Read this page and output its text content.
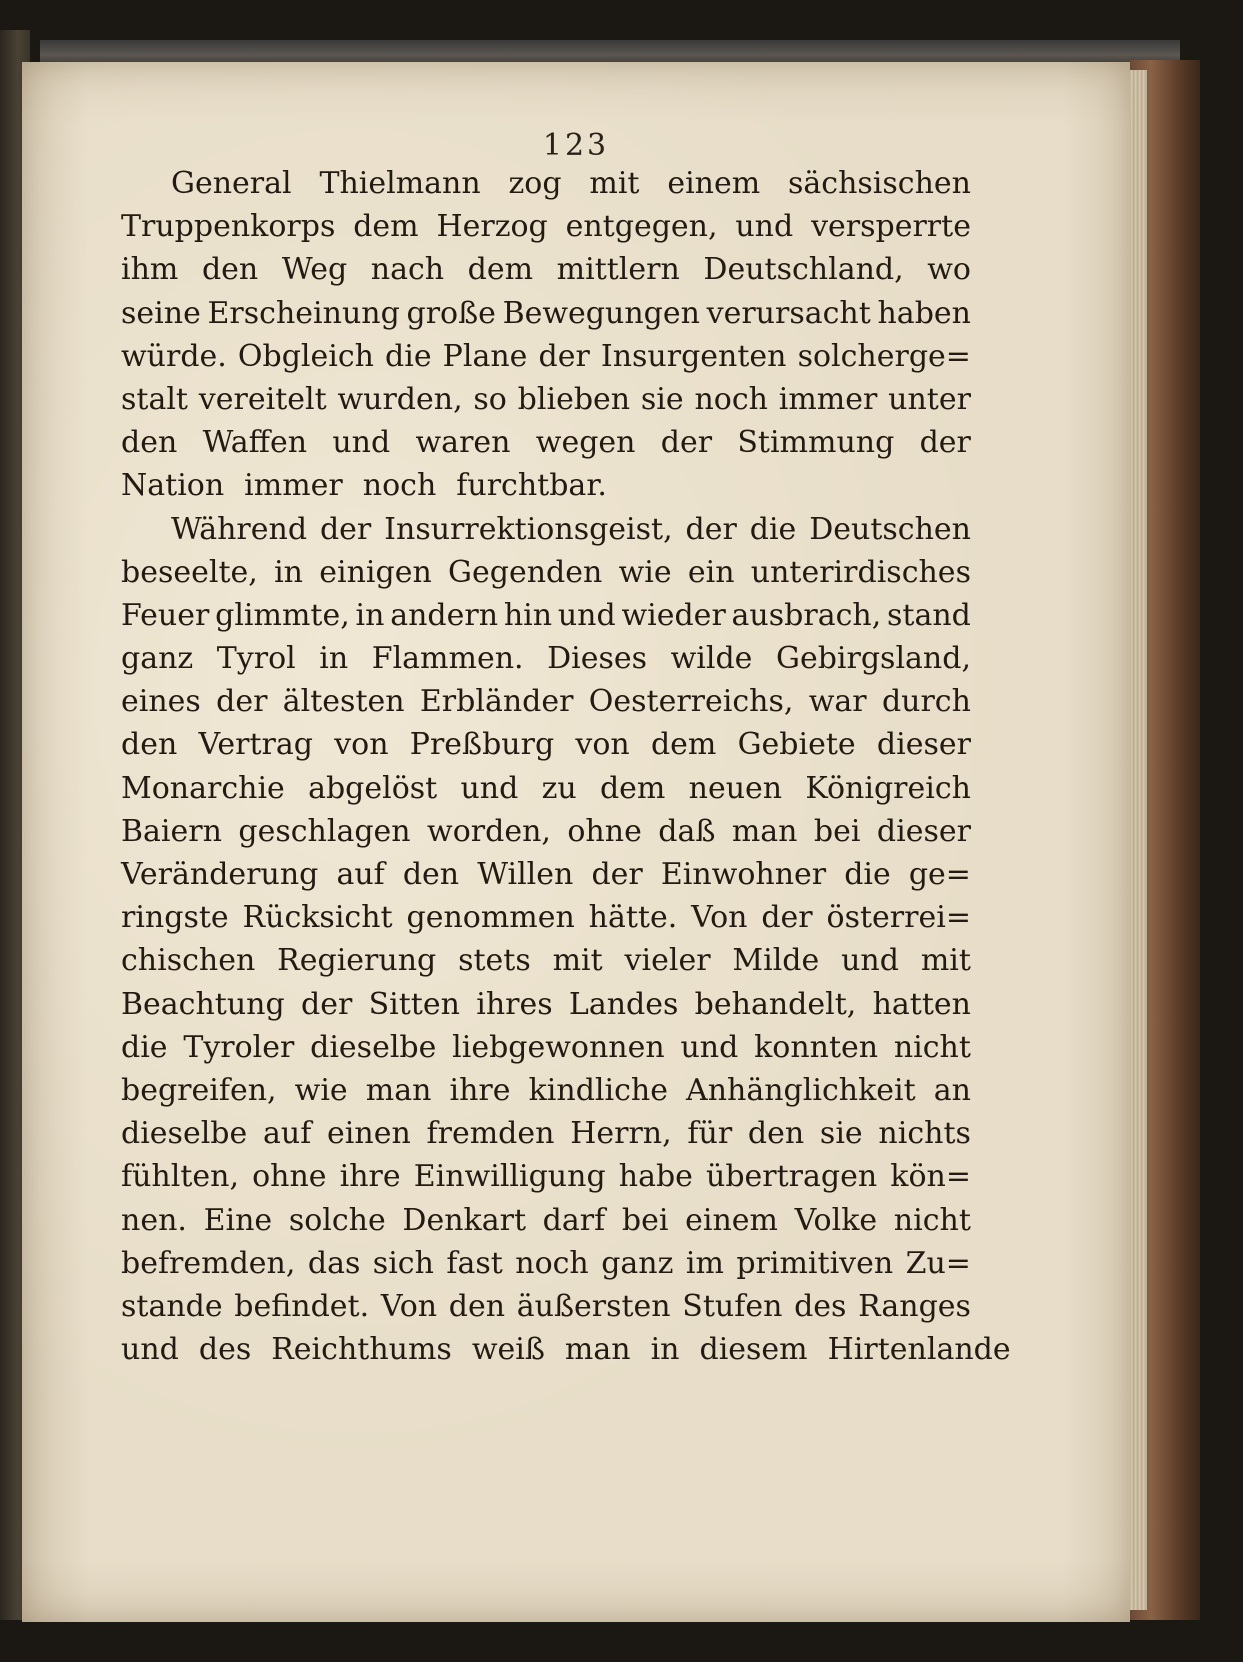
123
General Thielmann zog mit einem sächsischen
Truppenkorps dem Herzog entgegen, und versperrte
ihm den Weg nach dem mittlern Deutschland, wo
seine Erscheinung große Bewegungen verursacht haben
würde. Obgleich die Plane der Insurgenten solcherge=
stalt vereitelt wurden, so blieben sie noch immer unter
den Waffen und waren wegen der Stimmung der
Nation immer noch furchtbar.
Während der Insurrektionsgeist, der die Deutschen
beseelte, in einigen Gegenden wie ein unterirdisches
Feuer glimmte, in andern hin und wieder ausbrach, stand
ganz Tyrol in Flammen. Dieses wilde Gebirgsland,
eines der ältesten Erbländer Oesterreichs, war durch
den Vertrag von Preßburg von dem Gebiete dieser
Monarchie abgelöst und zu dem neuen Königreich
Baiern geschlagen worden, ohne daß man bei dieser
Veränderung auf den Willen der Einwohner die ge=
ringste Rücksicht genommen hätte. Von der österrei=
chischen Regierung stets mit vieler Milde und mit
Beachtung der Sitten ihres Landes behandelt, hatten
die Tyroler dieselbe liebgewonnen und konnten nicht
begreifen, wie man ihre kindliche Anhänglichkeit an
dieselbe auf einen fremden Herrn, für den sie nichts
fühlten, ohne ihre Einwilligung habe übertragen kön=
nen. Eine solche Denkart darf bei einem Volke nicht
befremden, das sich fast noch ganz im primitiven Zu=
stande befindet. Von den äußersten Stufen des Ranges
und des Reichthums weiß man in diesem Hirtenlande
